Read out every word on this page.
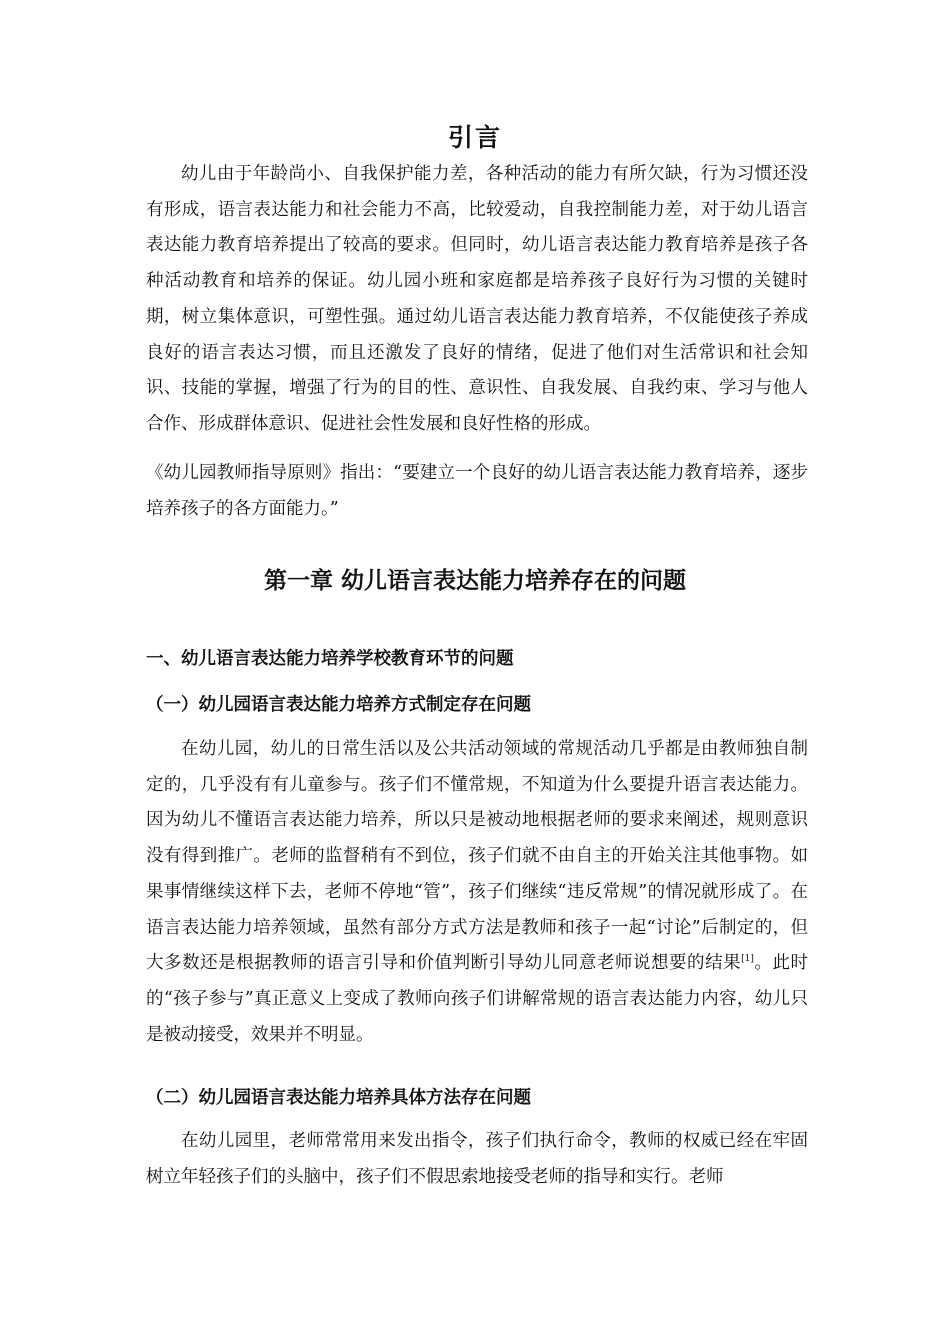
引言

幼儿由于年龄尚小、自我保护能力差，各种活动的能力有所欠缺，行为习惯还没有形成，语言表达能力和社会能力不高，比较爱动，自我控制能力差，对于幼儿语言表达能力教育培养提出了较高的要求。但同时，幼儿语言表达能力教育培养是孩子各种活动教育和培养的保证。幼儿园小班和家庭都是培养孩子良好行为习惯的关键时期，树立集体意识，可塑性强。通过幼儿语言表达能力教育培养，不仅能使孩子养成良好的语言表达习惯，而且还激发了良好的情绪，促进了他们对生活常识和社会知识、技能的掌握，增强了行为的目的性、意识性、自我发展、自我约束、学习与他人合作、形成群体意识、促进社会性发展和良好性格的形成。

《幼儿园教师指导原则》指出：“要建立一个良好的幼儿语言表达能力教育培养，逐步培养孩子的各方面能力。”

第一章 幼儿语言表达能力培养存在的问题
一、幼儿语言表达能力培养学校教育环节的问题
（一）幼儿园语言表达能力培养方式制定存在问题

在幼儿园，幼儿的日常生活以及公共活动领域的常规活动几乎都是由教师独自制定的，几乎没有有儿童参与。孩子们不懂常规，不知道为什么要提升语言表达能力。因为幼儿不懂语言表达能力培养，所以只是被动地根据老师的要求来阐述，规则意识没有得到推广。老师的监督稍有不到位，孩子们就不由自主的开始关注其他事物。如果事情继续这样下去，老师不停地“管”，孩子们继续“违反常规”的情况就形成了。在语言表达能力培养领域，虽然有部分方式方法是教师和孩子一起“讨论”后制定的，但大多数还是根据教师的语言引导和价值判断引导幼儿同意老师说想要的结果[1]。此时的“孩子参与”真正意义上变成了教师向孩子们讲解常规的语言表达能力内容，幼儿只是被动接受，效果并不明显。

（二）幼儿园语言表达能力培养具体方法存在问题

在幼儿园里，老师常常用来发出指令，孩子们执行命令，教师的权威已经在牢固树立年轻孩子们的头脑中，孩子们不假思索地接受老师的指导和实行。老师
